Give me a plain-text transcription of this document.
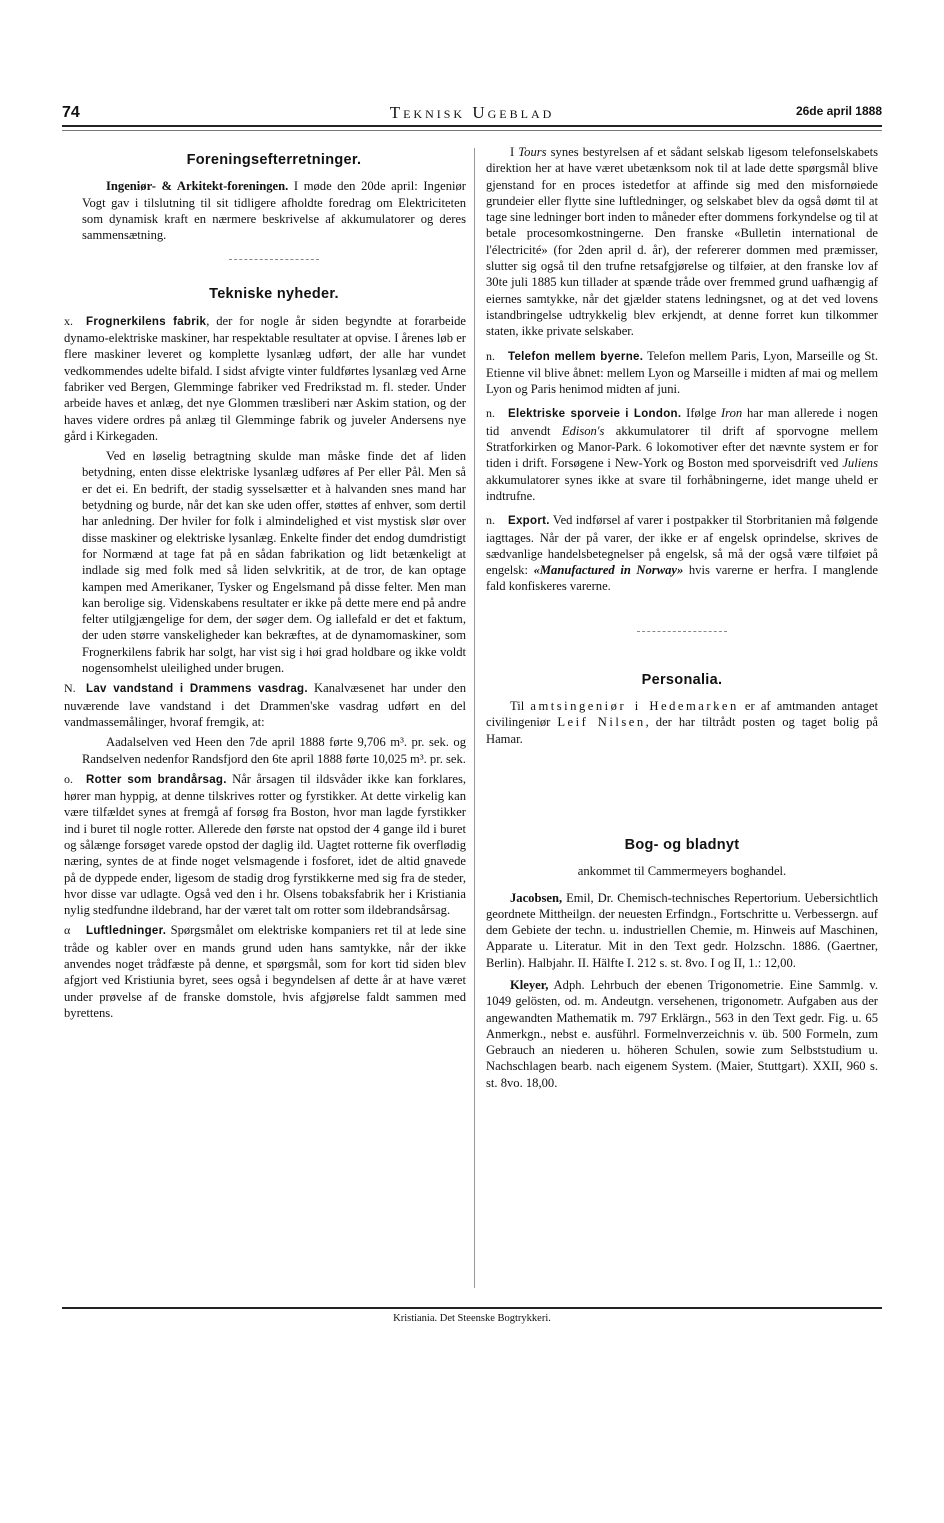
74	Teknisk Ugeblad	26de april 1888
Foreningsefterretninger.

Ingeniør- & Arkitekt-foreningen. I møde den 20de april: Ingeniør Vogt gav i tilslutning til sit tidligere afholdte foredrag om Elektriciteten som dynamisk kraft en nærmere beskrivelse af akkumulatorer og deres sammensætning.

Tekniske nyheder.

x. Frognerkilens fabrik, der for nogle år siden begyndte at forarbeide dynamo-elektriske maskiner, har respektable resultater at opvise. I årenes løb er flere maskiner leveret og komplette lysanlæg udført, der alle har vundet vedkommendes udelte bifald. I sidst afvigte vinter fuldførtes lysanlæg ved Arne fabriker ved Bergen, Glemminge fabriker ved Fredrikstad m. fl. steder. Under arbeide haves et anlæg, det nye Glommen træsliberi nær Askim station, og der haves videre ordres på anlæg til Glemminge fabrik og juveler Andersens nye gård i Kirkegaden.

Ved en løselig betragtning skulde man måske finde det af liden betydning, enten disse elektriske lysanlæg udføres af Per eller Pål. Men så er det ei. En bedrift, der stadig sysselsætter et à halvanden snes mand har betydning og burde, når det kan ske uden offer, støttes af enhver, som dertil har anledning. Der hviler for folk i almindelighed et vist mystisk slør over disse maskiner og elektriske lysanlæg. Enkelte finder det endog dumdristigt for Normænd at tage fat på en sådan fabrikation og lidt betænkeligt at indlade sig med folk med så liden selvkritik, at de tror, de kan optage kampen med Amerikaner, Tysker og Engelsmand på disse felter. Men man kan berolige sig. Videnskabens resultater er ikke på dette mere end på andre felter utilgjængelige for dem, der søger dem. Og iallefald er det et faktum, der uden større vanskeligheder kan bekræftes, at de dynamomaskiner, som Frognerkilens fabrik har solgt, har vist sig i høi grad holdbare og ikke voldt nogensomhelst uleilighed under brugen.

N. Lav vandstand i Drammens vasdrag. Kanalvæsenet har under den nuværende lave vandstand i det Drammen'ske vasdrag udført en del vandmassemålinger, hvoraf fremgik, at:

Aadalselven ved Heen den 7de april 1888 førte 9,706 m³. pr. sek. og Randselven nedenfor Randsfjord den 6te april 1888 førte 10,025 m³. pr. sek.

o. Rotter som brandårsag. Når årsagen til ildsvåder ikke kan forklares, hører man hyppig, at denne tilskrives rotter og fyrstikker. At dette virkelig kan være tilfældet synes at fremgå af forsøg fra Boston, hvor man lagde fyrstikker ind i buret til nogle rotter. Allerede den første nat opstod der 4 gange ild i buret og sålænge forsøget varede opstod der daglig ild. Uagtet rotterne fik overflødig næring, syntes de at finde noget velsmagende i fosforet, idet de altid gnavede på de dyppede ender, ligesom de stadig drog fyrstikkerne med sig fra de steder, hvor disse var udlagte. Også ved den i hr. Olsens tobaksfabrik her i Kristiania nylig stedfundne ildebrand, har der været talt om rotter som ildebrandsårsag.

α Luftledninger. Spørgsmålet om elektriske kompaniers ret til at lede sine tråde og kabler over en mands grund uden hans samtykke, når der ikke anvendes noget trådfæste på denne, et spørgsmål, som for kort tid siden blev afgjort ved Kristiunia byret, sees også i begyndelsen af dette år at have været under prøvelse af de franske domstole, hvis afgjørelse faldt sammen med byrettens.

I Tours synes bestyrelsen af et sådant selskab ligesom telefonselskabets direktion her at have været ubetænksom nok til at lade dette spørgsmål blive gjenstand for en proces istedetfor at affinde sig med den misfornøiede grundeier eller flytte sine luftledninger, og selskabet blev da også dømt til at tage sine ledninger bort inden to måneder efter dommens forkyndelse og til at betale procesomkostningerne. Den franske «Bulletin international de l'électricité» (for 2den april d. år), der refererer dommen med præmisser, slutter sig også til den trufne retsafgjørelse og tilføier, at den franske lov af 30te juli 1885 kun tillader at spænde tråde over fremmed grund uafhængig af eiernes samtykke, når det gjælder statens ledningsnet, og at det ved lovens istandbringelse udtrykkelig blev erkjendt, at denne forret kun tilkommer staten, ikke private selskaber.

n. Telefon mellem byerne. Telefon mellem Paris, Lyon, Marseille og St. Etienne vil blive åbnet: mellem Lyon og Marseille i midten af mai og mellem Lyon og Paris henimod midten af juni.

n. Elektriske sporveie i London. Ifølge Iron har man allerede i nogen tid anvendt Edison's akkumulatorer til drift af sporvogne mellem Stratforkirken og Manor-Park. 6 lokomotiver efter det nævnte system er for tiden i drift. Forsøgene i New-York og Boston med sporveisdrift ved Juliens akkumulatorer synes ikke at svare til forhåbningerne, idet mange uheld er indtrufne.

n. Export. Ved indførsel af varer i postpakker til Storbritanien må følgende iagttages. Når der på varer, der ikke er af engelsk oprindelse, skrives de sædvanlige handelsbetegnelser på engelsk, så må der også være tilføiet på engelsk: «Manufactured in Norway» hvis varerne er herfra. I manglende fald konfiskeres varerne.

Personalia.

Til amtsingeniør i Hedemarken er af amtmanden antaget civilingeniør Leif Nilsen, der har tiltrådt posten og taget bolig på Hamar.

Bog- og bladnyt

ankommet til Cammermeyers boghandel.

Jacobsen, Emil, Dr. Chemisch-technisches Repertorium. Uebersichtlich geordnete Mittheilgn. der neuesten Erfindgn., Fortschritte u. Verbessergn. auf dem Gebiete der techn. u. industriellen Chemie, m. Hinweis auf Maschinen, Apparate u. Literatur. Mit in den Text gedr. Holzschn. 1886. (Gaertner, Berlin). Halbjahr. II. Hälfte I. 212 s. st. 8vo. I og II, 1.: 12,00.

Kleyer, Adph. Lehrbuch der ebenen Trigonometrie. Eine Sammlg. v. 1049 gelösten, od. m. Andeutgn. versehenen, trigonometr. Aufgaben aus der angewandten Mathematik m. 797 Erklärgn., 563 in den Text gedr. Fig. u. 65 Anmerkgn., nebst e. ausführl. Formelnverzeichnis v. üb. 500 Formeln, zum Gebrauch an niederen u. höheren Schulen, sowie zum Selbststudium u. Nachschlagen bearb. nach eigenem System. (Maier, Stuttgart). XXII, 960 s. st. 8vo. 18,00.

Kristiania. Det Steenske Bogtrykkeri.
